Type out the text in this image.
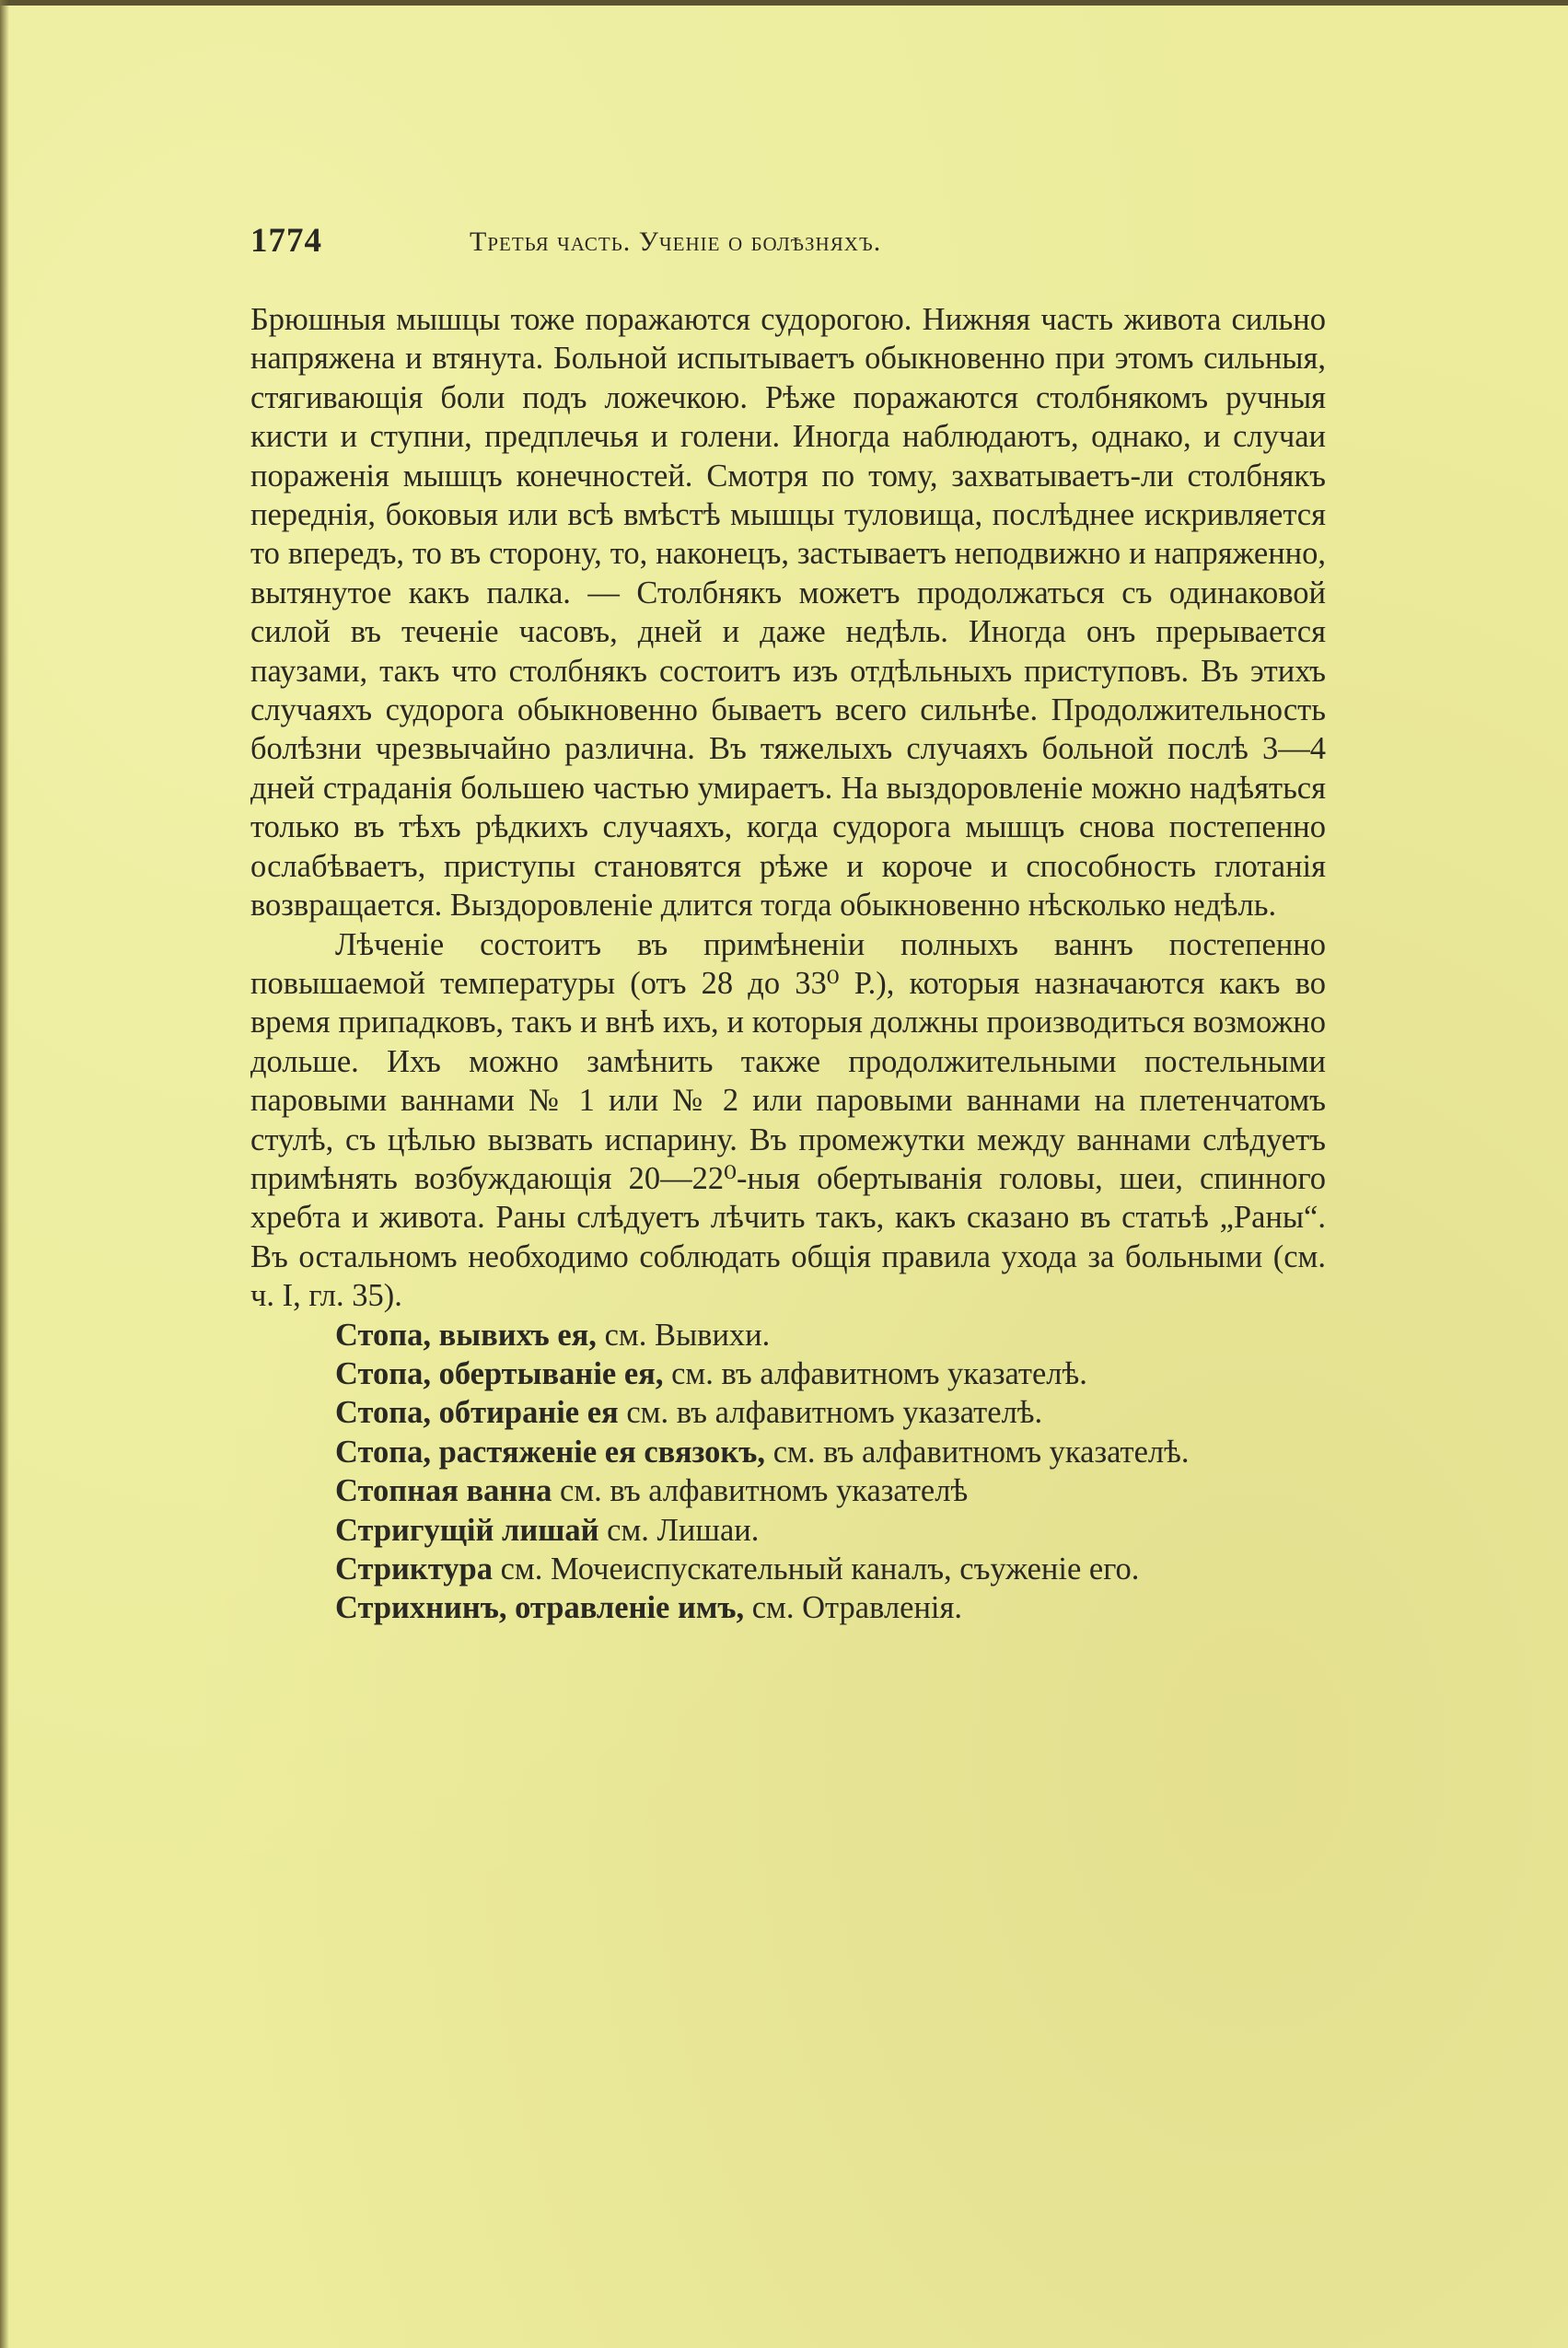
1774	Третья часть. Ученіе о болѣзняхъ.

Брюшныя мышцы тоже поражаются судорогою. Нижняя часть живота сильно напряжена и втянута. Больной испытываетъ обыкновенно при этомъ сильныя, стягивающія боли подъ ложечкою. Рѣже поражаются столбнякомъ ручныя кисти и ступни, предплечья и голени. Иногда наблюдаютъ, однако, и случаи пораженія мышцъ конечностей. Смотря по тому, захватываетъ-ли столбнякъ переднія, боковыя или всѣ вмѣстѣ мышцы туловища, послѣднее искривляется то впередъ, то въ сторону, то, наконецъ, застываетъ неподвижно и напряженно, вытянутое какъ палка. — Столбнякъ можетъ продолжаться съ одинаковой силой въ теченіе часовъ, дней и даже недѣль. Иногда онъ прерывается паузами, такъ что столбнякъ состоитъ изъ отдѣльныхъ приступовъ. Въ этихъ случаяхъ судорога обыкновенно бываетъ всего сильнѣе. Продолжительность болѣзни чрезвычайно различна. Въ тяжелыхъ случаяхъ больной послѣ 3—4 дней страданія большею частью умираетъ. На выздоровленіе можно надѣяться только въ тѣхъ рѣдкихъ случаяхъ, когда судорога мышцъ снова постепенно ослабѣваетъ, приступы становятся рѣже и короче и способность глотанія возвращается. Выздоровленіе длится тогда обыкновенно нѣсколько недѣль.

Лѣченіе состоитъ въ примѣненіи полныхъ ваннъ постепенно повышаемой температуры (отъ 28 до 33⁰ Р.), которыя назначаются какъ во время припадковъ, такъ и внѣ ихъ, и которыя должны производиться возможно дольше. Ихъ можно замѣнить также продолжительными постельными паровыми ваннами № 1 или № 2 или паровыми ваннами на плетенчатомъ стулѣ, съ цѣлью вызвать испарину. Въ промежутки между ваннами слѣдуетъ примѣнять возбуждающія 20—22⁰-ныя обертыванія головы, шеи, спинного хребта и живота. Раны слѣдуетъ лѣчить такъ, какъ сказано въ статьѣ „Раны“. Въ остальномъ необходимо соблюдать общія правила ухода за больными (см. ч. I, гл. 35).

Стопа, вывихъ ея, см. Вывихи.

Стопа, обертываніе ея, см. въ алфавитномъ указателѣ.

Стопа, обтираніе ея см. въ алфавитномъ указателѣ.

Стопа, растяженіе ея связокъ, см. въ алфавитномъ указателѣ.

Стопная ванна см. въ алфавитномъ указателѣ

Стригущій лишай см. Лишаи.

Стриктура см. Мочеиспускательный каналъ, съуженіе его.

Стрихнинъ, отравленіе имъ, см. Отравленія.
